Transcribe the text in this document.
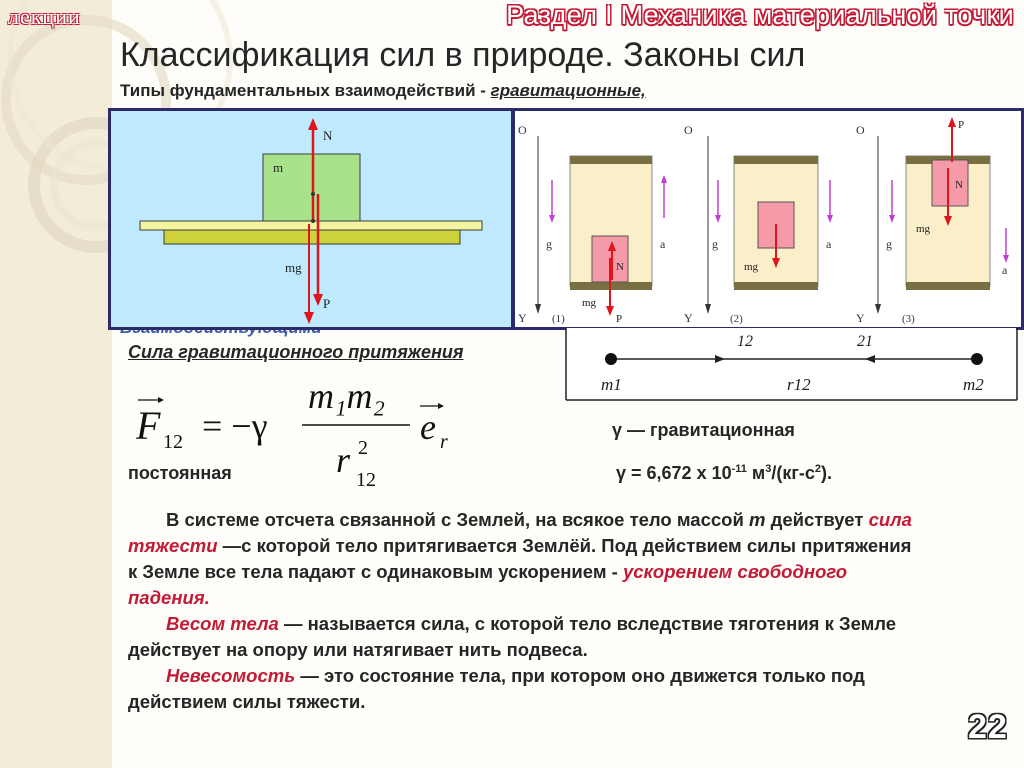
лекции	Раздел I Механика материальной точки
Классификация сил в природе. Законы сил
Типы фундаментальных взаимодействий - гравитационные,
m
N
mg
P
O
Y
g	a
N
mg
P
(1)
O
Y
g	a
mg
(2)
O
Y
g
a
P
N
mg
(3)
Сила гравитационного притяжения
12	21
m1	r12	m2
F 12 = −γ
m₁m₂
r 2
12
e r
γ — гравитационная
постоянная	γ = 6,672 х $10^{-11}$ $м^3/(кг-с^2)$.

В системе отсчета связанной с Землей, на всякое тело массой m действует сила тяжести —с которой тело притягивается Землёй. Под действием силы притяжения к Земле все тела падают с одинаковым ускорением - ускорением свободного падения.

Весом тела — называется сила, с которой тело вследствие тяготения к Земле действует на опору или натягивает нить подвеса.

Невесомость — это состояние тела, при котором оно движется только под действием силы тяжести.

22
